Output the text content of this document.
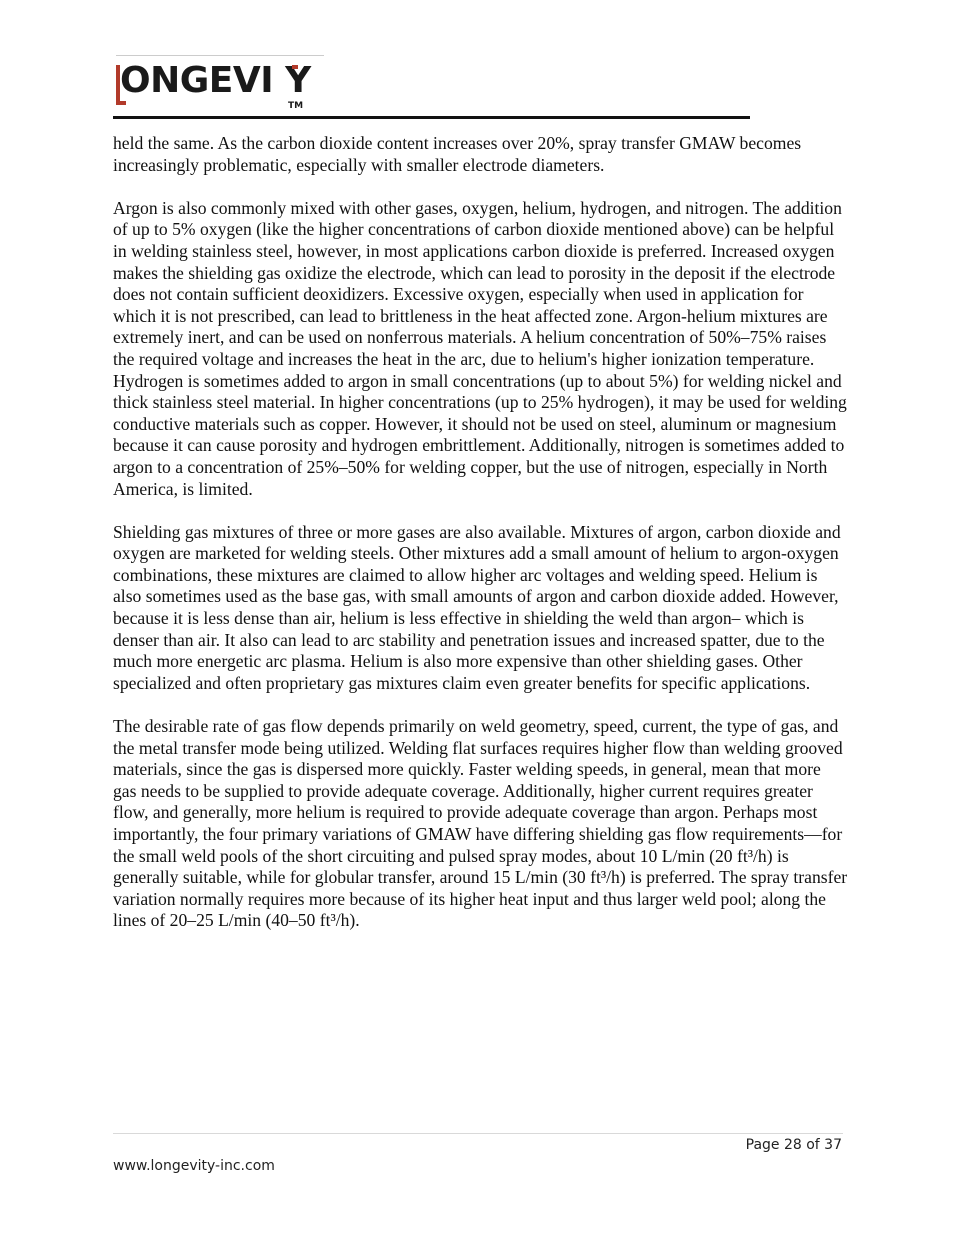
ONGEVI Y
TM

held the same. As the carbon dioxide content increases over 20%, spray transfer GMAW becomes increasingly problematic, especially with smaller electrode diameters.

Argon is also commonly mixed with other gases, oxygen, helium, hydrogen, and nitrogen. The addition of up to 5% oxygen (like the higher concentrations of carbon dioxide mentioned above) can be helpful in welding stainless steel, however, in most applications carbon dioxide is preferred. Increased oxygen makes the shielding gas oxidize the electrode, which can lead to porosity in the deposit if the electrode does not contain sufficient deoxidizers. Excessive oxygen, especially when used in application for which it is not prescribed, can lead to brittleness in the heat affected zone. Argon-helium mixtures are extremely inert, and can be used on nonferrous materials. A helium concentration of 50%–75% raises the required voltage and increases the heat in the arc, due to helium's higher ionization temperature. Hydrogen is sometimes added to argon in small concentrations (up to about 5%) for welding nickel and thick stainless steel material. In higher concentrations (up to 25% hydrogen), it may be used for welding conductive materials such as copper. However, it should not be used on steel, aluminum or magnesium because it can cause porosity and hydrogen embrittlement. Additionally, nitrogen is sometimes added to argon to a concentration of 25%–50% for welding copper, but the use of nitrogen, especially in North America, is limited.

Shielding gas mixtures of three or more gases are also available. Mixtures of argon, carbon dioxide and oxygen are marketed for welding steels. Other mixtures add a small amount of helium to argon-oxygen combinations, these mixtures are claimed to allow higher arc voltages and welding speed. Helium is also sometimes used as the base gas, with small amounts of argon and carbon dioxide added. However, because it is less dense than air, helium is less effective in shielding the weld than argon– which is denser than air. It also can lead to arc stability and penetration issues and increased spatter, due to the much more energetic arc plasma. Helium is also more expensive than other shielding gases. Other specialized and often proprietary gas mixtures claim even greater benefits for specific applications.

The desirable rate of gas flow depends primarily on weld geometry, speed, current, the type of gas, and the metal transfer mode being utilized. Welding flat surfaces requires higher flow than welding grooved materials, since the gas is dispersed more quickly. Faster welding speeds, in general, mean that more gas needs to be supplied to provide adequate coverage. Additionally, higher current requires greater flow, and generally, more helium is required to provide adequate coverage than argon. Perhaps most importantly, the four primary variations of GMAW have differing shielding gas flow requirements—for the small weld pools of the short circuiting and pulsed spray modes, about 10 L/min (20 ft³/h) is generally suitable, while for globular transfer, around 15 L/min (30 ft³/h) is preferred. The spray transfer variation normally requires more because of its higher heat input and thus larger weld pool; along the lines of 20–25 L/min (40–50 ft³/h).

Page 28 of 37
www.longevity-inc.com
